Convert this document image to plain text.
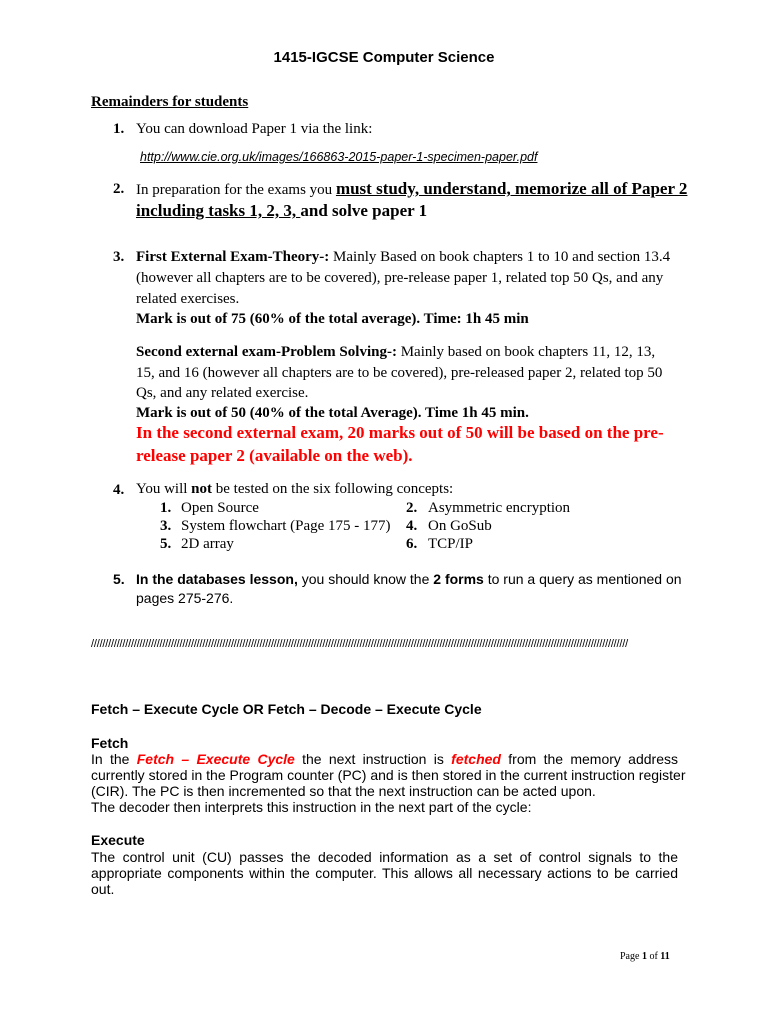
1415-IGCSE Computer Science
Remainders for students
1. You can download Paper 1 via the link:
http://www.cie.org.uk/images/166863-2015-paper-1-specimen-paper.pdf
2. In preparation for the exams you must study, understand, memorize all of Paper 2
including tasks 1, 2, 3, and solve paper 1
3. First External Exam-Theory-: Mainly Based on book chapters 1 to 10 and section 13.4
(however all chapters are to be covered), pre-release paper 1, related top 50 Qs, and any
related exercises.
Mark is out of 75 (60% of the total average). Time: 1h 45 min
Second external exam-Problem Solving-: Mainly based on book chapters 11, 12, 13,
15, and 16 (however all chapters are to be covered), pre-released paper 2, related top 50
Qs, and any related exercise.
Mark is out of 50 (40% of the total Average). Time 1h 45 min.
In the second external exam, 20 marks out of 50 will be based on the pre-
release paper 2 (available on the web).
4. You will not be tested on the six following concepts:
1. Open Source	2. Asymmetric encryption
3. System flowchart (Page 175 - 177) 4. On GoSub
5. 2D array	6. TCP/IP
5. In the databases lesson, you should know the 2 forms to run a query as mentioned on
pages 275-276.
////////////////////////////////////////////////////////////////////////////////////////////////////////////////////////////////////////////////////////////////////////////////////////////
Fetch – Execute Cycle OR Fetch – Decode – Execute Cycle
Fetch
In the Fetch – Execute Cycle the next instruction is fetched from the memory address
currently stored in the Program counter (PC) and is then stored in the current instruction register
(CIR). The PC is then incremented so that the next instruction can be acted upon.
The decoder then interprets this instruction in the next part of the cycle:
Execute
The control unit (CU) passes the decoded information as a set of control signals to the
appropriate components within the computer. This allows all necessary actions to be carried
out.
Page 1 of 11
